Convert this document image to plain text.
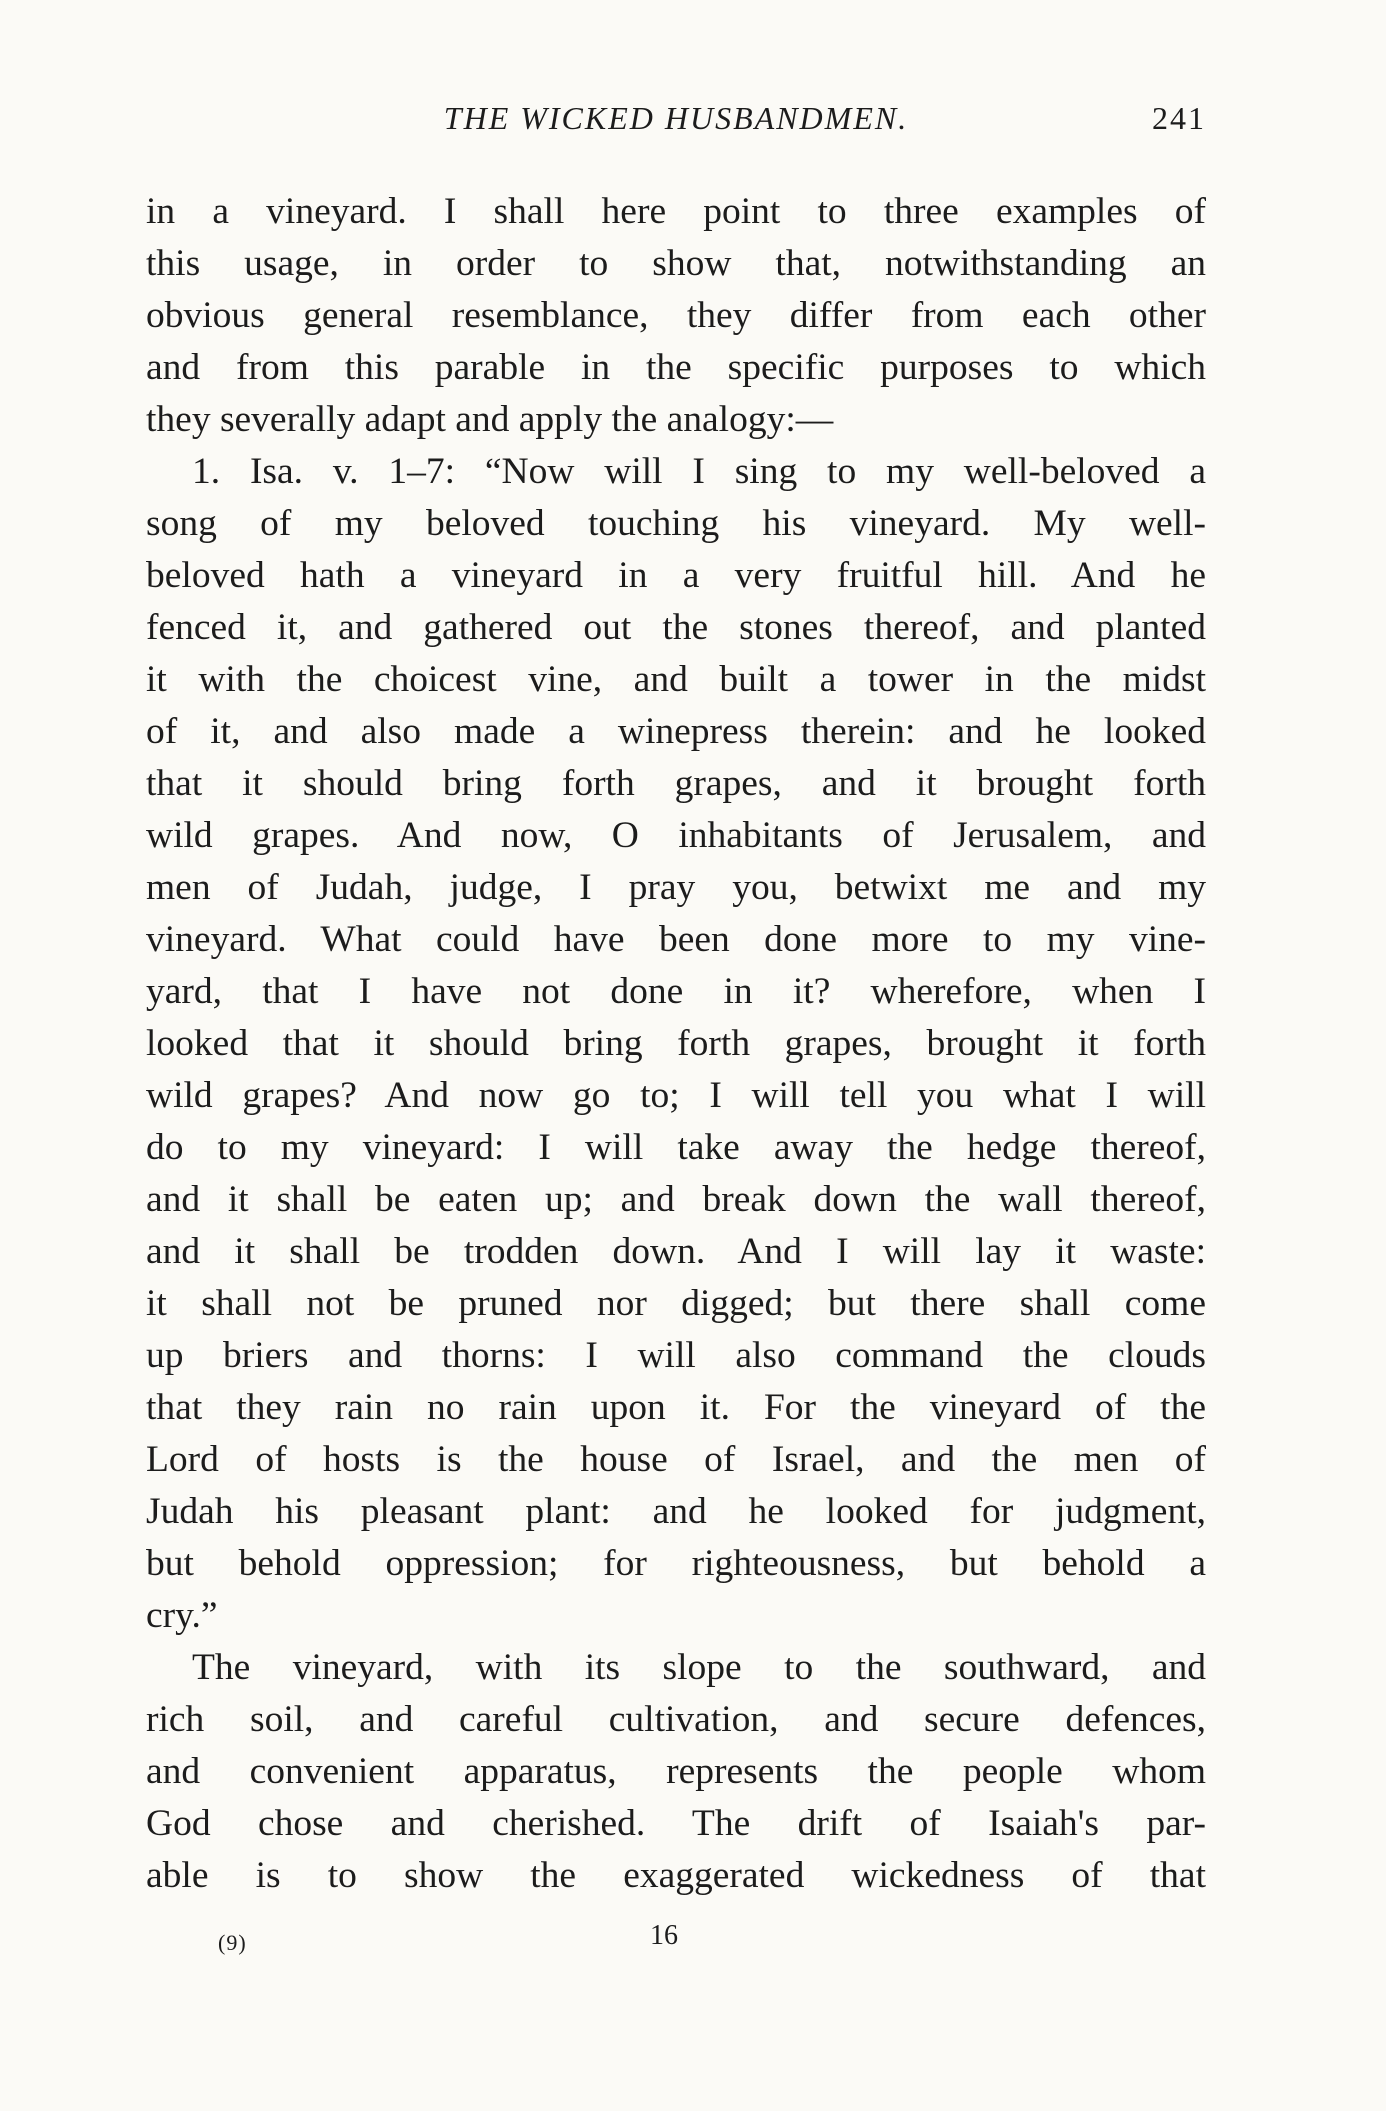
THE WICKED HUSBANDMEN.	241
in a vineyard. I shall here point to three examples of
this usage, in order to show that, notwithstanding an
obvious general resemblance, they differ from each other
and from this parable in the specific purposes to which
they severally adapt and apply the analogy:—
1. Isa. v. 1–7: “Now will I sing to my well-beloved a
song of my beloved touching his vineyard. My well-
beloved hath a vineyard in a very fruitful hill. And he
fenced it, and gathered out the stones thereof, and planted
it with the choicest vine, and built a tower in the midst
of it, and also made a winepress therein: and he looked
that it should bring forth grapes, and it brought forth
wild grapes. And now, O inhabitants of Jerusalem, and
men of Judah, judge, I pray you, betwixt me and my
vineyard. What could have been done more to my vine-
yard, that I have not done in it? wherefore, when I
looked that it should bring forth grapes, brought it forth
wild grapes? And now go to; I will tell you what I will
do to my vineyard: I will take away the hedge thereof,
and it shall be eaten up; and break down the wall thereof,
and it shall be trodden down. And I will lay it waste:
it shall not be pruned nor digged; but there shall come
up briers and thorns: I will also command the clouds
that they rain no rain upon it. For the vineyard of the
Lord of hosts is the house of Israel, and the men of
Judah his pleasant plant: and he looked for judgment,
but behold oppression; for righteousness, but behold a
cry.”
The vineyard, with its slope to the southward, and
rich soil, and careful cultivation, and secure defences,
and convenient apparatus, represents the people whom
God chose and cherished. The drift of Isaiah's par-
able is to show the exaggerated wickedness of that
(9)	16
